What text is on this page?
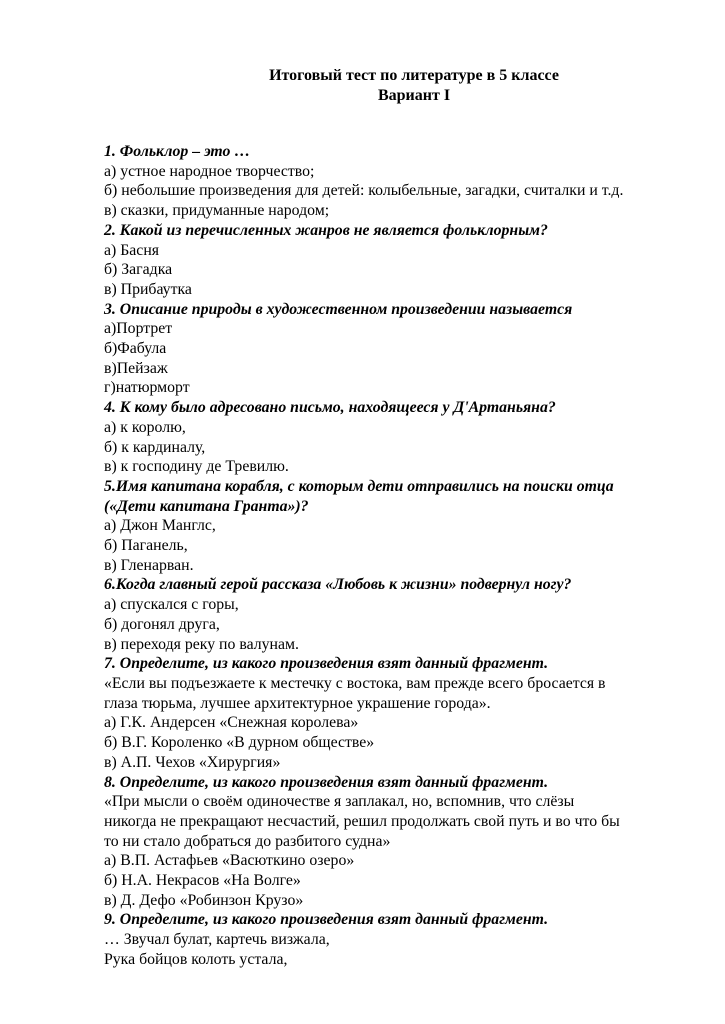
Итоговый тест по литературе в 5 классе
Вариант I
1. Фольклор – это …
а) устное народное творчество;
б) небольшие произведения для детей: колыбельные, загадки, считалки и т.д.
в) сказки, придуманные народом;
2. Какой из перечисленных жанров не является фольклорным?
а) Басня
б) Загадка
в) Прибаутка
3. Описание природы в художественном произведении называется
а)Портрет
б)Фабула
в)Пейзаж
г)натюрморт
4. К кому было адресовано письмо, находящееся у Д'Артаньяна?
а) к королю,
б) к кардиналу,
в) к господину де Тревилю.
5.Имя капитана корабля, с которым дети отправились на поиски отца
(«Дети капитана Гранта»)?
а) Джон Манглс,
б) Паганель,
в) Гленарван.
6.Когда главный герой рассказа «Любовь к жизни» подвернул ногу?
а) спускался с горы,
б) догонял друга,
в) переходя реку по валунам.
7. Определите, из какого произведения взят данный фрагмент.
«Если вы подъезжаете к местечку с востока, вам прежде всего бросается в
глаза тюрьма, лучшее архитектурное украшение города».
а) Г.К. Андерсен «Снежная королева»
б) В.Г. Короленко «В дурном обществе»
в) А.П. Чехов «Хирургия»
8. Определите, из какого произведения взят данный фрагмент.
«При мысли о своём одиночестве я заплакал, но, вспомнив, что слёзы
никогда не прекращают несчастий, решил продолжать свой путь и во что бы
то ни стало добраться до разбитого судна»
а) В.П. Астафьев «Васюткино озеро»
б) Н.А. Некрасов «На Волге»
в) Д. Дефо «Робинзон Крузо»
9. Определите, из какого произведения взят данный фрагмент.
… Звучал булат, картечь визжала,
Рука бойцов колоть устала,
